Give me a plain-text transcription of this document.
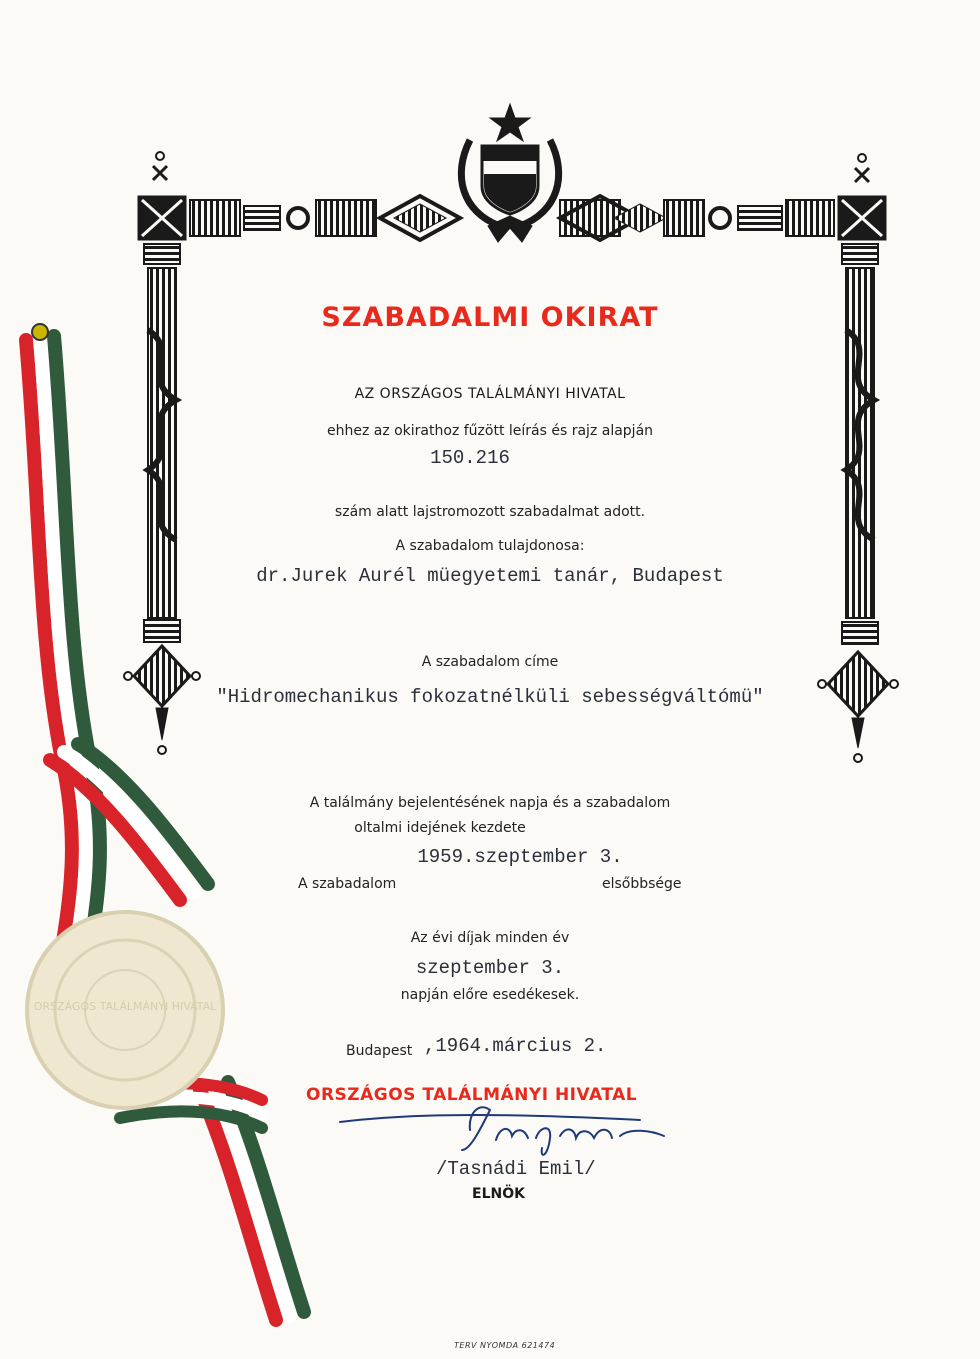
ORSZÁGOS TALÁLMÁNYI HIVATAL
SZABADALMI OKIRAT
AZ ORSZÁGOS TALÁLMÁNYI HIVATAL
ehhez az okirathoz fűzött leírás és rajz alapján
150.216
szám alatt lajstromozott szabadalmat adott.
A szabadalom tulajdonosa:
dr.Jurek Aurél müegyetemi tanár, Budapest
A szabadalom címe
"Hidromechanikus fokozatnélküli sebességváltómü"
A találmány bejelentésének napja és a szabadalom
oltalmi idejének kezdete
1959.szeptember 3.
A szabadalom	elsőbbsége
Az évi díjak minden év
szeptember 3.
napján előre esedékesek.
Budapest ,1964.március 2.
ORSZÁGOS TALÁLMÁNYI HIVATAL
/Tasnádi Emil/
ELNÖK
TERV NYOMDA 621474
